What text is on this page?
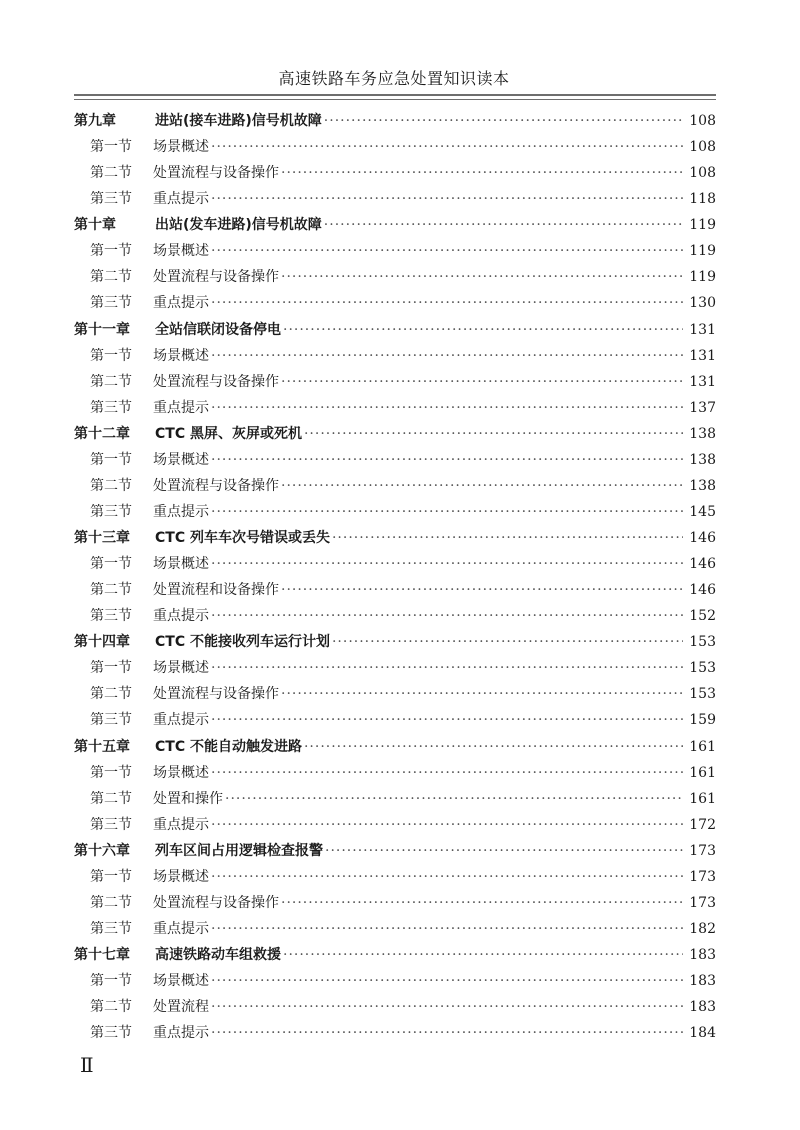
高速铁路车务应急处置知识读本
第九章	进站(接车进路)信号机故障 ·····	108
第一节	场景概述 ·····	108
第二节	处置流程与设备操作 ·····	108
第三节	重点提示 ·····	118
第十章	出站(发车进路)信号机故障 ·····	119
第一节	场景概述 ·····	119
第二节	处置流程与设备操作 ·····	119
第三节	重点提示 ·····	130
第十一章	全站信联闭设备停电 ·····	131
第一节	场景概述 ·····	131
第二节	处置流程与设备操作 ·····	131
第三节	重点提示 ·····	137
第十二章	CTC 黑屏、灰屏或死机 ·····	138
第一节	场景概述 ·····	138
第二节	处置流程与设备操作 ·····	138
第三节	重点提示 ·····	145
第十三章	CTC 列车车次号错误或丢失 ·····	146
第一节	场景概述 ·····	146
第二节	处置流程和设备操作 ·····	146
第三节	重点提示 ·····	152
第十四章	CTC 不能接收列车运行计划 ·····	153
第一节	场景概述 ·····	153
第二节	处置流程与设备操作 ·····	153
第三节	重点提示 ·····	159
第十五章	CTC 不能自动触发进路 ·····	161
第一节	场景概述 ·····	161
第二节	处置和操作 ·····	161
第三节	重点提示 ·····	172
第十六章	列车区间占用逻辑检查报警 ·····	173
第一节	场景概述 ·····	173
第二节	处置流程与设备操作 ·····	173
第三节	重点提示 ·····	182
第十七章	高速铁路动车组救援 ·····	183
第一节	场景概述 ·····	183
第二节	处置流程 ·····	183
第三节	重点提示 ·····	184
Ⅱ
